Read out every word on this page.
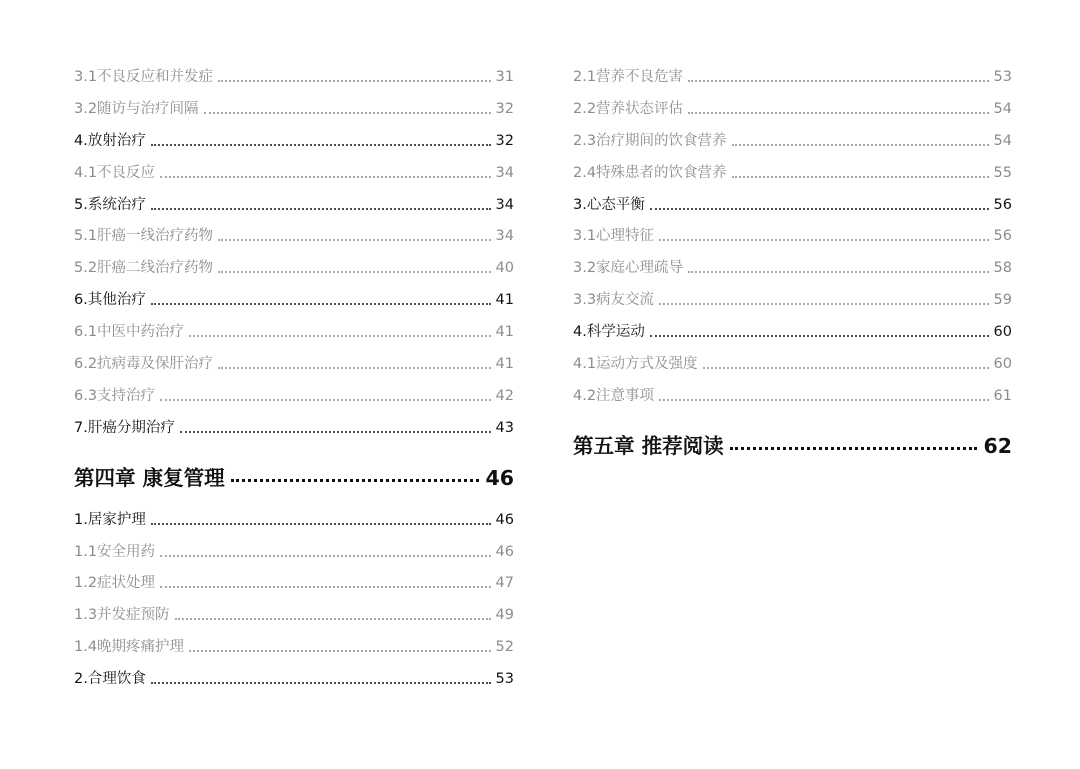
3.1不良反应和并发症	31
3.2随访与治疗间隔	32
4.放射治疗	32
4.1不良反应	34
5.系统治疗	34
5.1肝癌一线治疗药物	34
5.2肝癌二线治疗药物	40
6.其他治疗	41
6.1中医中药治疗	41
6.2抗病毒及保肝治疗	41
6.3支持治疗	42
7.肝癌分期治疗	43
第四章 康复管理	46
1.居家护理	46
1.1安全用药	46
1.2症状处理	47
1.3并发症预防	49
1.4晚期疼痛护理	52
2.合理饮食	53
2.1营养不良危害	53
2.2营养状态评估	54
2.3治疗期间的饮食营养	54
2.4特殊患者的饮食营养	55
3.心态平衡	56
3.1心理特征	56
3.2家庭心理疏导	58
3.3病友交流	59
4.科学运动	60
4.1运动方式及强度	60
4.2注意事项	61
第五章 推荐阅读	62
